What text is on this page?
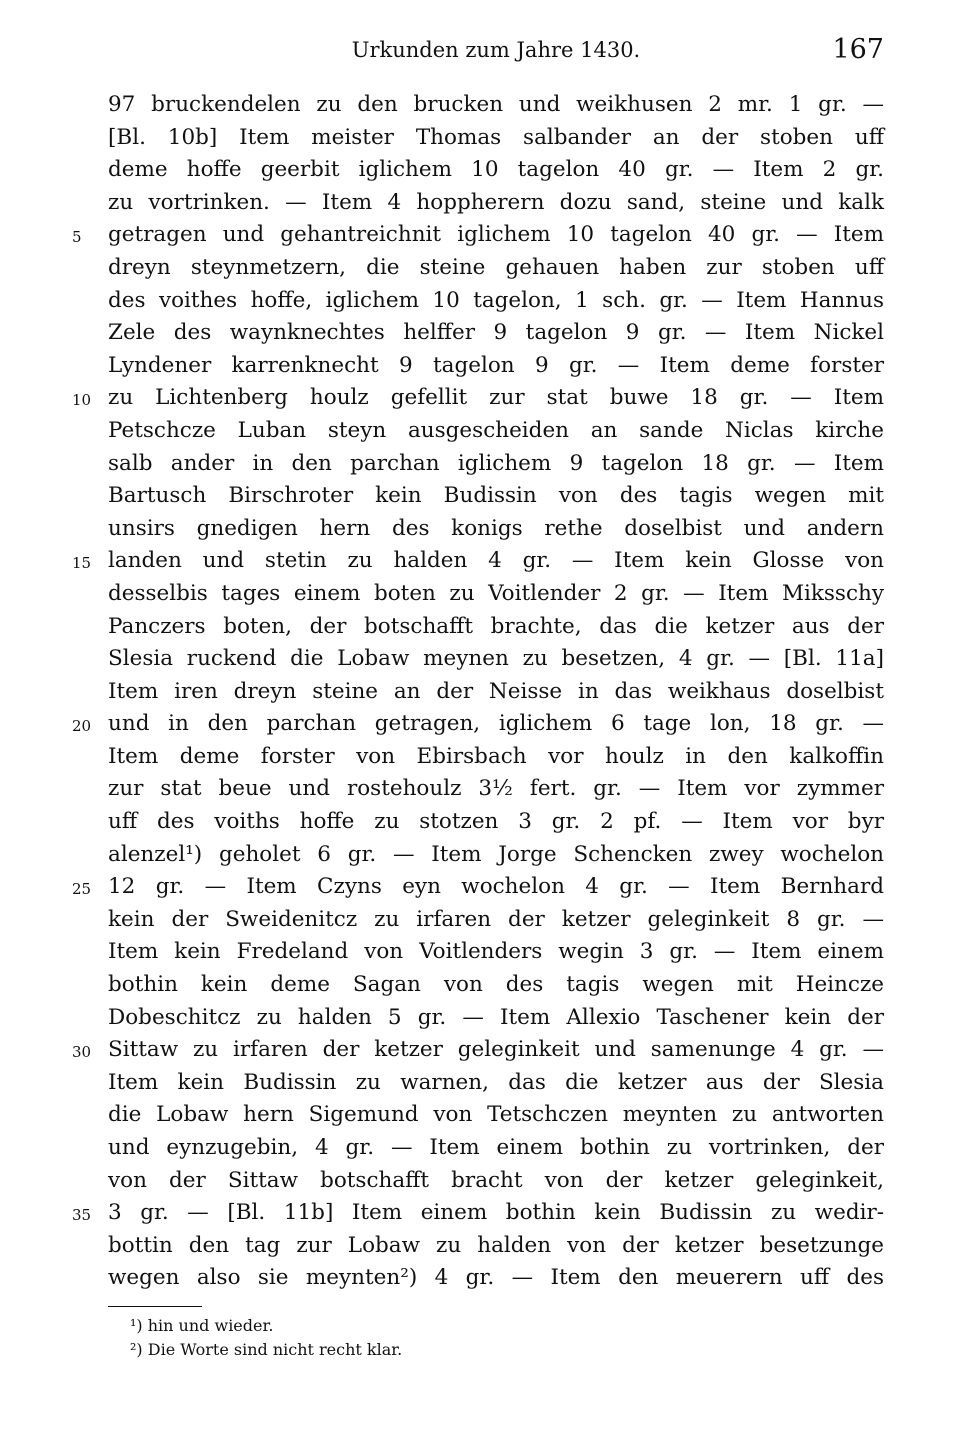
Urkunden zum Jahre 1430.	167
97 bruckendelen zu den brucken und weikhusen 2 mr. 1 gr. —
[Bl. 10b] Item meister Thomas salbander an der stoben uff
deme hoffe geerbit iglichem 10 tagelon 40 gr. — Item 2 gr.
zu vortrinken. — Item 4 hoppherern dozu sand, steine und kalk
5	getragen und gehantreichnit iglichem 10 tagelon 40 gr. — Item
dreyn steynmetzern, die steine gehauen haben zur stoben uff
des voithes hoffe, iglichem 10 tagelon, 1 sch. gr. — Item Hannus
Zele des waynknechtes helffer 9 tagelon 9 gr. — Item Nickel
Lyndener karrenknecht 9 tagelon 9 gr. — Item deme forster
10 zu Lichtenberg houlz gefellit zur stat buwe 18 gr. — Item
Petschcze Luban steyn ausgescheiden an sande Niclas kirche
salb ander in den parchan iglichem 9 tagelon 18 gr. — Item
Bartusch Birschroter kein Budissin von des tagis wegen mit
unsirs gnedigen hern des konigs rethe doselbist und andern
15 landen und stetin zu halden 4 gr. — Item kein Glosse von
desselbis tages einem boten zu Voitlender 2 gr. — Item Miksschy
Panczers boten, der botschafft brachte, das die ketzer aus der
Slesia ruckend die Lobaw meynen zu besetzen, 4 gr. — [Bl. 11a]
Item iren dreyn steine an der Neisse in das weikhaus doselbist
20 und in den parchan getragen, iglichem 6 tage lon, 18 gr. —
Item deme forster von Ebirsbach vor houlz in den kalkoffin
zur stat beue und rostehoulz 3½ fert. gr. — Item vor zymmer
uff des voiths hoffe zu stotzen 3 gr. 2 pf. — Item vor byr
alenzel¹) geholet 6 gr. — Item Jorge Schencken zwey wochelon
25 12 gr. — Item Czyns eyn wochelon 4 gr. — Item Bernhard
kein der Sweidenitcz zu irfaren der ketzer geleginkeit 8 gr. —
Item kein Fredeland von Voitlenders wegin 3 gr. — Item einem
bothin kein deme Sagan von des tagis wegen mit Heincze
Dobeschitcz zu halden 5 gr. — Item Allexio Taschener kein der
30 Sittaw zu irfaren der ketzer geleginkeit und samenunge 4 gr. —
Item kein Budissin zu warnen, das die ketzer aus der Slesia
die Lobaw hern Sigemund von Tetschczen meynten zu antworten
und eynzugebin, 4 gr. — Item einem bothin zu vortrinken, der
von der Sittaw botschafft bracht von der ketzer geleginkeit,
35 3 gr. — [Bl. 11b] Item einem bothin kein Budissin zu wedir-
bottin den tag zur Lobaw zu halden von der ketzer besetzunge
wegen also sie meynten²) 4 gr. — Item den meuerern uff des
¹) hin und wieder.
²) Die Worte sind nicht recht klar.
